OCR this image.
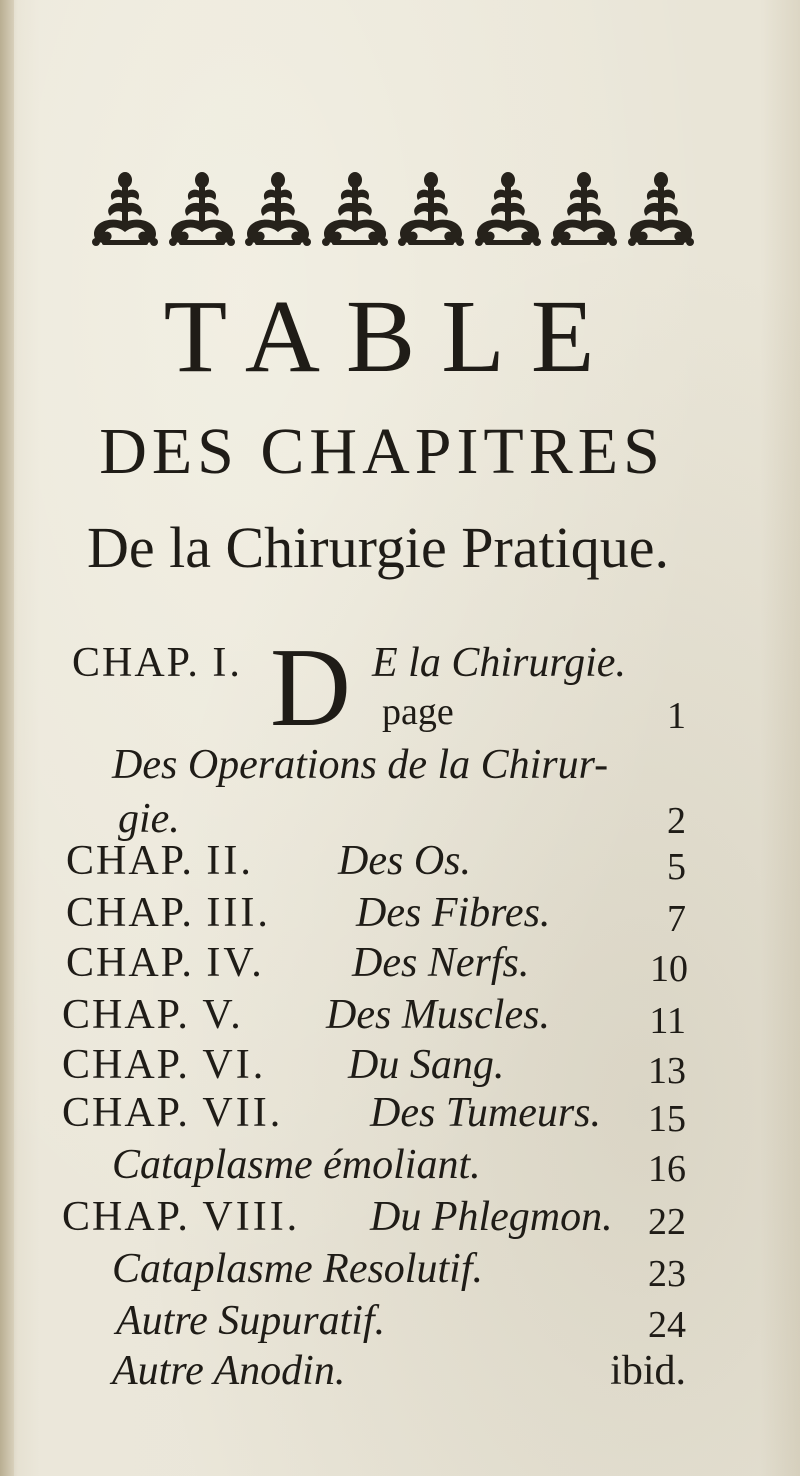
TABLE
DES CHAPITRES
De la Chirurgie Pratique.
CHAP. I. D E la Chirurgie.
page	1
Des Operations de la Chirur-
gie.	2
CHAP. II. Des Os.	5
CHAP. III. Des Fibres.	7
CHAP. IV. Des Nerfs.	10
CHAP. V. Des Muscles.	11
CHAP. VI. Du Sang.	13
CHAP. VII. Des Tumeurs.	15
Cataplasme émoliant.	16
CHAP. VIII. Du Phlegmon. 22
Cataplasme Resolutif.	23
Autre Supuratif.	24
Autre Anodin.	ibid.
